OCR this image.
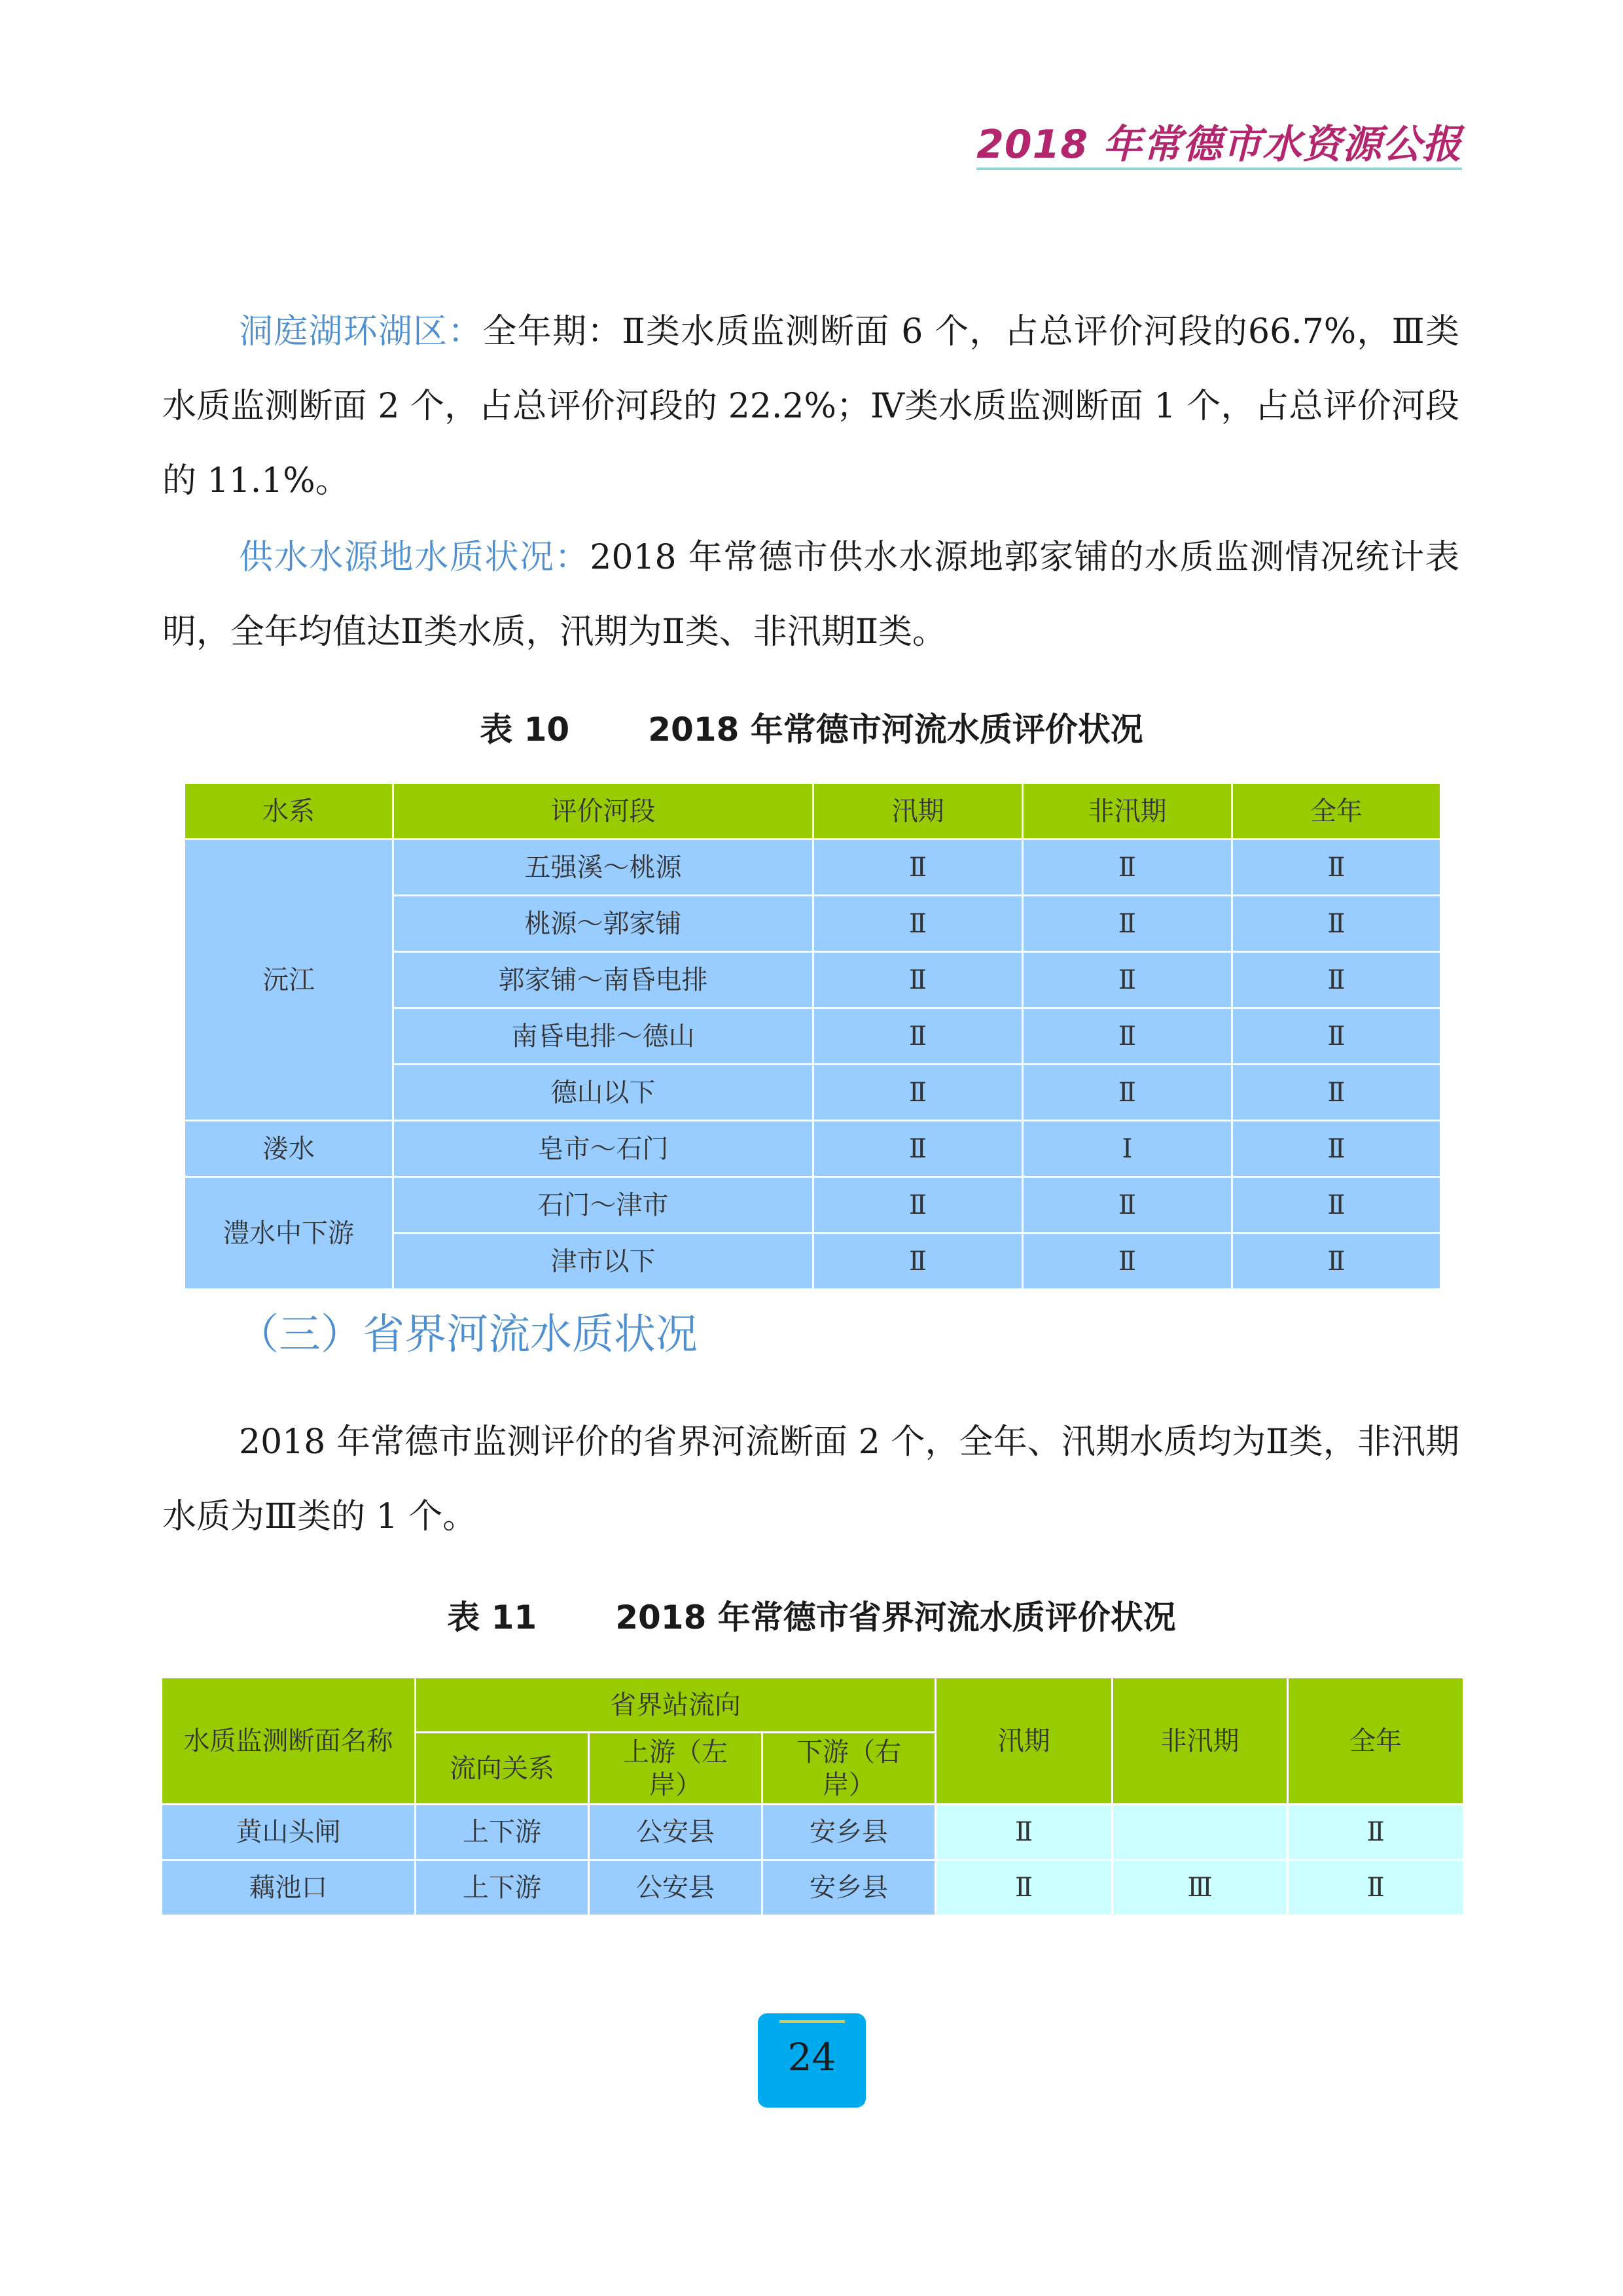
2018 年常德市水资源公报

洞庭湖环湖区：全年期：Ⅱ类水质监测断面 6 个，占总评价河段的66.7%，Ⅲ类水质监测断面 2 个，占总评价河段的 22.2%；Ⅳ类水质监测断面 1 个，占总评价河段的 11.1%。

供水水源地水质状况：2018 年常德市供水水源地郭家铺的水质监测情况统计表明，全年均值达Ⅱ类水质，汛期为Ⅱ类、非汛期Ⅱ类。

表 10 2018 年常德市河流水质评价状况
水系	评价河段	汛期	非汛期	全年
沅江	五强溪～桃源	Ⅱ	Ⅱ	Ⅱ
	桃源～郭家铺	Ⅱ	Ⅱ	Ⅱ
	郭家铺～南昏电排	Ⅱ	Ⅱ	Ⅱ
	南昏电排～德山	Ⅱ	Ⅱ	Ⅱ
	德山以下	Ⅱ	Ⅱ	Ⅱ
溇水	皂市～石门	Ⅱ	Ⅰ	Ⅱ
澧水中下游	石门～津市	Ⅱ	Ⅱ	Ⅱ
	津市以下	Ⅱ	Ⅱ	Ⅱ
（三）省界河流水质状况

2018 年常德市监测评价的省界河流断面 2 个，全年、汛期水质均为Ⅱ类，非汛期水质为Ⅲ类的 1 个。

表 11 2018 年常德市省界河流水质评价状况
水质监测断面名称	省界站流向			汛期	非汛期	全年
	流向关系	上游（左岸）	下游（右岸）			
黄山头闸	上下游	公安县	安乡县	Ⅱ		Ⅱ
藕池口	上下游	公安县	安乡县	Ⅱ	Ⅲ	Ⅱ
24
